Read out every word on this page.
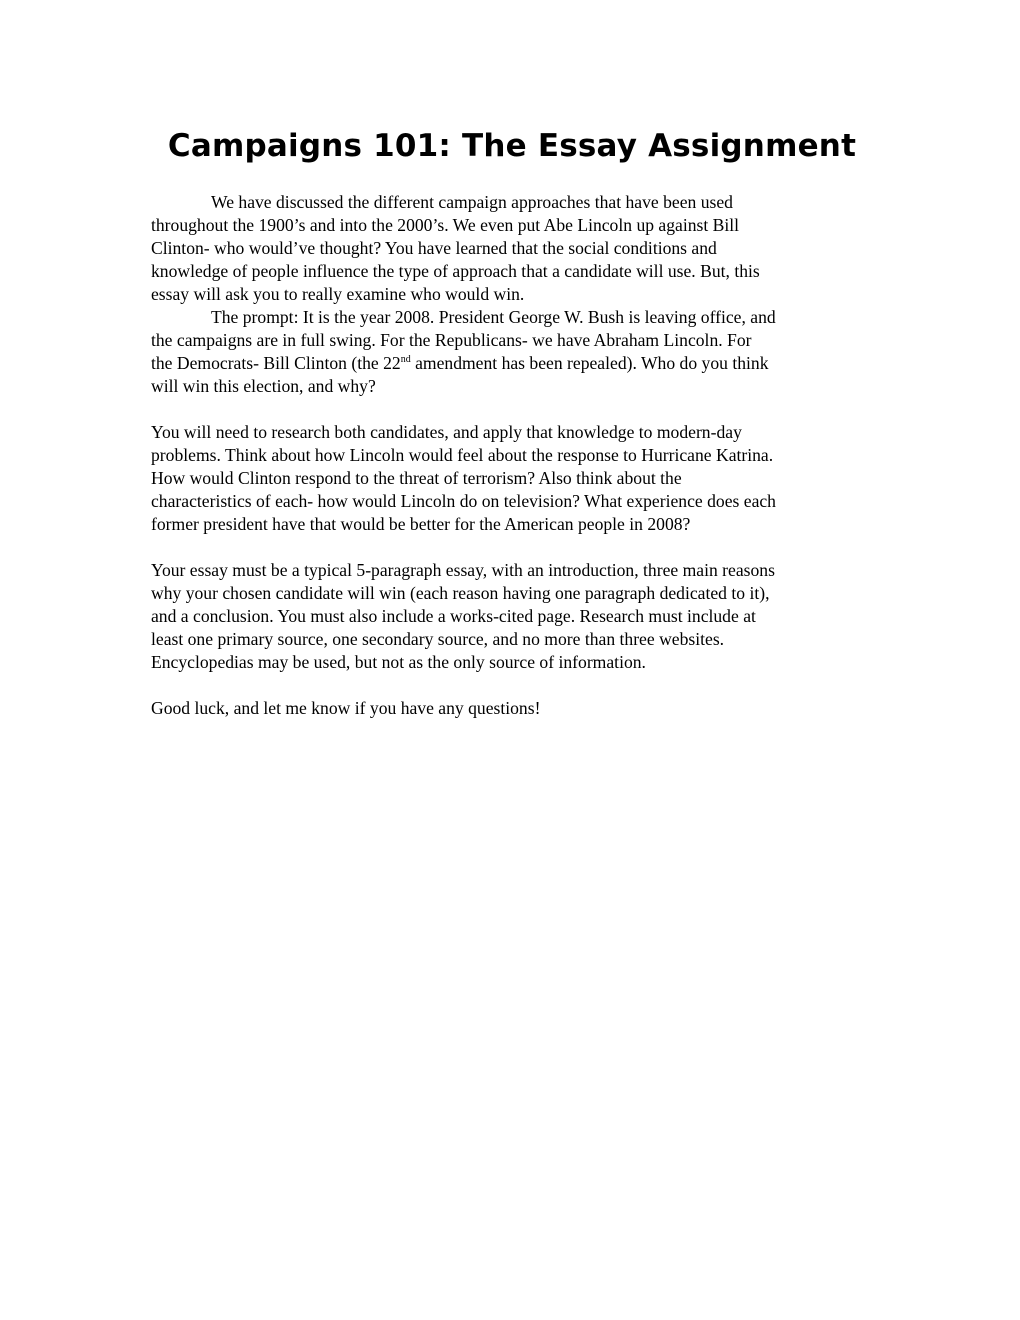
Campaigns 101: The Essay Assignment

We have discussed the different campaign approaches that have been used
throughout the 1900’s and into the 2000’s. We even put Abe Lincoln up against Bill
Clinton- who would’ve thought? You have learned that the social conditions and
knowledge of people influence the type of approach that a candidate will use. But, this
essay will ask you to really examine who would win.

The prompt: It is the year 2008. President George W. Bush is leaving office, and
the campaigns are in full swing. For the Republicans- we have Abraham Lincoln. For
the Democrats- Bill Clinton (the 22nd amendment has been repealed). Who do you think
will win this election, and why?

You will need to research both candidates, and apply that knowledge to modern-day
problems. Think about how Lincoln would feel about the response to Hurricane Katrina.
How would Clinton respond to the threat of terrorism? Also think about the
characteristics of each- how would Lincoln do on television? What experience does each
former president have that would be better for the American people in 2008?

Your essay must be a typical 5-paragraph essay, with an introduction, three main reasons
why your chosen candidate will win (each reason having one paragraph dedicated to it),
and a conclusion. You must also include a works-cited page. Research must include at
least one primary source, one secondary source, and no more than three websites.
Encyclopedias may be used, but not as the only source of information.

Good luck, and let me know if you have any questions!
